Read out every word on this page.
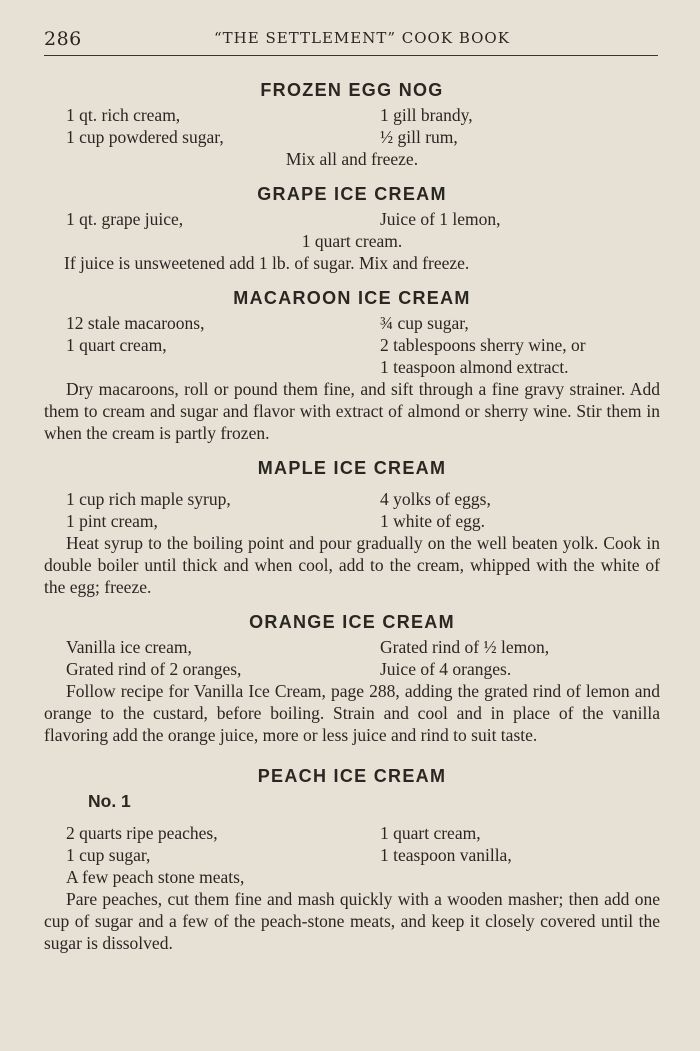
286	“THE SETTLEMENT” COOK BOOK
FROZEN EGG NOG
1 qt. rich cream,	1 gill brandy,
1 cup powdered sugar,	½ gill rum,
Mix all and freeze.
GRAPE ICE CREAM
1 qt. grape juice,	Juice of 1 lemon,
1 quart cream.
If juice is unsweetened add 1 lb. of sugar. Mix and freeze.
MACAROON ICE CREAM
12 stale macaroons,	¾ cup sugar,
1 quart cream,	2 tablespoons sherry wine, or
1 teaspoon almond extract.

Dry macaroons, roll or pound them fine, and sift through a fine gravy strainer. Add them to cream and sugar and flavor with extract of almond or sherry wine. Stir them in when the cream is partly frozen.

MAPLE ICE CREAM
1 cup rich maple syrup,	4 yolks of eggs,
1 pint cream,	1 white of egg.

Heat syrup to the boiling point and pour gradually on the well beaten yolk. Cook in double boiler until thick and when cool, add to the cream, whipped with the white of the egg; freeze.

ORANGE ICE CREAM
Vanilla ice cream,	Grated rind of ½ lemon,
Grated rind of 2 oranges,	Juice of 4 oranges.

Follow recipe for Vanilla Ice Cream, page 288, adding the grated rind of lemon and orange to the custard, before boiling. Strain and cool and in place of the vanilla flavoring add the orange juice, more or less juice and rind to suit taste.

PEACH ICE CREAM
No. 1
2 quarts ripe peaches,	1 quart cream,
1 cup sugar,	1 teaspoon vanilla,
A few peach stone meats,

Pare peaches, cut them fine and mash quickly with a wooden masher; then add one cup of sugar and a few of the peach-stone meats, and keep it closely covered until the sugar is dissolved.
